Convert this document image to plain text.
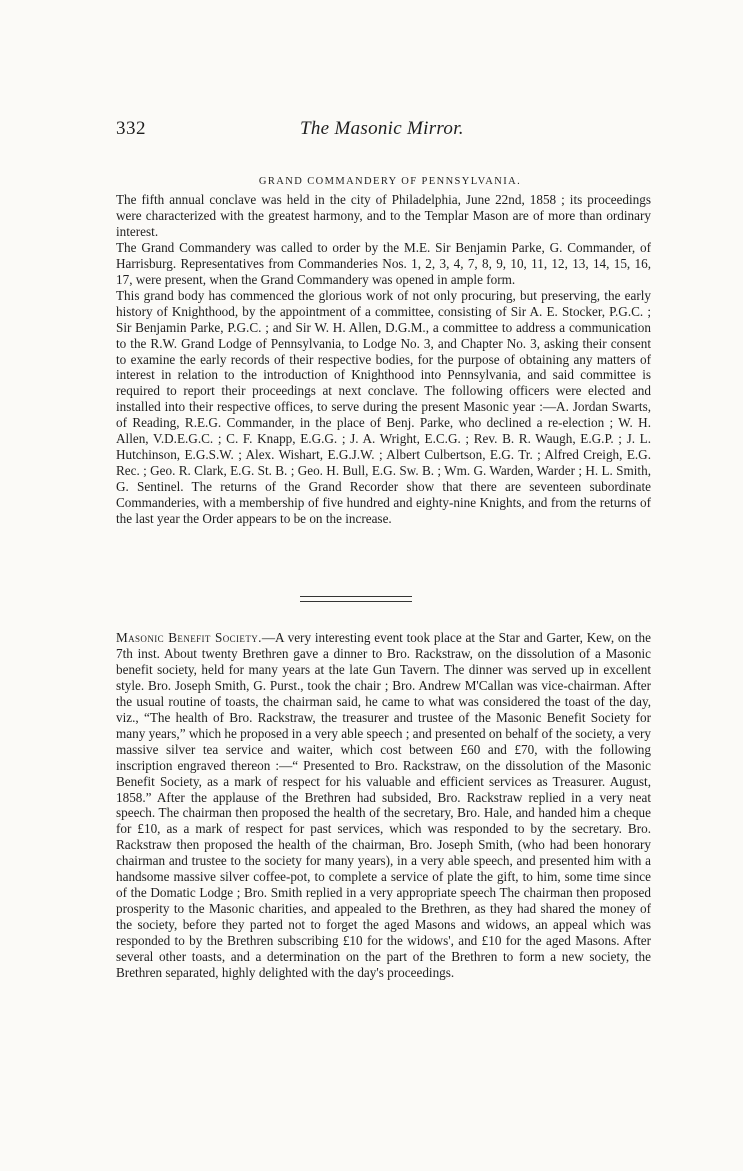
332	The Masonic Mirror.
GRAND COMMANDERY OF PENNSYLVANIA.

The fifth annual conclave was held in the city of Philadelphia, June 22nd, 1858 ; its proceedings were characterized with the greatest harmony, and to the Templar Mason are of more than ordinary interest.

The Grand Commandery was called to order by the M.E. Sir Benjamin Parke, G. Commander, of Harrisburg. Representatives from Commanderies Nos. 1, 2, 3, 4, 7, 8, 9, 10, 11, 12, 13, 14, 15, 16, 17, were present, when the Grand Commandery was opened in ample form.

This grand body has commenced the glorious work of not only procuring, but preserving, the early history of Knighthood, by the appointment of a committee, consisting of Sir A. E. Stocker, P.G.C. ; Sir Benjamin Parke, P.G.C. ; and Sir W. H. Allen, D.G.M., a committee to address a communication to the R.W. Grand Lodge of Pennsylvania, to Lodge No. 3, and Chapter No. 3, asking their consent to examine the early records of their respective bodies, for the purpose of obtaining any matters of interest in relation to the introduction of Knighthood into Pennsylvania, and said committee is required to report their proceedings at next conclave. The following officers were elected and installed into their respective offices, to serve during the present Masonic year :—A. Jordan Swarts, of Reading, R.E.G. Commander, in the place of Benj. Parke, who declined a re-election ; W. H. Allen, V.D.E.G.C. ; C. F. Knapp, E.G.G. ; J. A. Wright, E.C.G. ; Rev. B. R. Waugh, E.G.P. ; J. L. Hutchinson, E.G.S.W. ; Alex. Wishart, E.G.J.W. ; Albert Culbertson, E.G. Tr. ; Alfred Creigh, E.G. Rec. ; Geo. R. Clark, E.G. St. B. ; Geo. H. Bull, E.G. Sw. B. ; Wm. G. Warden, Warder ; H. L. Smith, G. Sentinel. The returns of the Grand Recorder show that there are seventeen subordinate Commanderies, with a membership of five hundred and eighty-nine Knights, and from the returns of the last year the Order appears to be on the increase.

Masonic Benefit Society.—A very interesting event took place at the Star and Garter, Kew, on the 7th inst. About twenty Brethren gave a dinner to Bro. Rackstraw, on the dissolution of a Masonic benefit society, held for many years at the late Gun Tavern. The dinner was served up in excellent style. Bro. Joseph Smith, G. Purst., took the chair ; Bro. Andrew M'Callan was vice-chairman. After the usual routine of toasts, the chairman said, he came to what was considered the toast of the day, viz., “The health of Bro. Rackstraw, the treasurer and trustee of the Masonic Benefit Society for many years,” which he proposed in a very able speech ; and presented on behalf of the society, a very massive silver tea service and waiter, which cost between £60 and £70, with the following inscription engraved thereon :—“ Presented to Bro. Rackstraw, on the dissolution of the Masonic Benefit Society, as a mark of respect for his valuable and efficient services as Treasurer. August, 1858.” After the applause of the Brethren had subsided, Bro. Rackstraw replied in a very neat speech. The chairman then proposed the health of the secretary, Bro. Hale, and handed him a cheque for £10, as a mark of respect for past services, which was responded to by the secretary. Bro. Rackstraw then proposed the health of the chairman, Bro. Joseph Smith, (who had been honorary chairman and trustee to the society for many years), in a very able speech, and presented him with a handsome massive silver coffee-pot, to complete a service of plate the gift, to him, some time since of the Domatic Lodge ; Bro. Smith replied in a very appropriate speech The chairman then proposed prosperity to the Masonic charities, and appealed to the Brethren, as they had shared the money of the society, before they parted not to forget the aged Masons and widows, an appeal which was responded to by the Brethren subscribing £10 for the widows', and £10 for the aged Masons. After several other toasts, and a determination on the part of the Brethren to form a new society, the Brethren separated, highly delighted with the day's proceedings.
